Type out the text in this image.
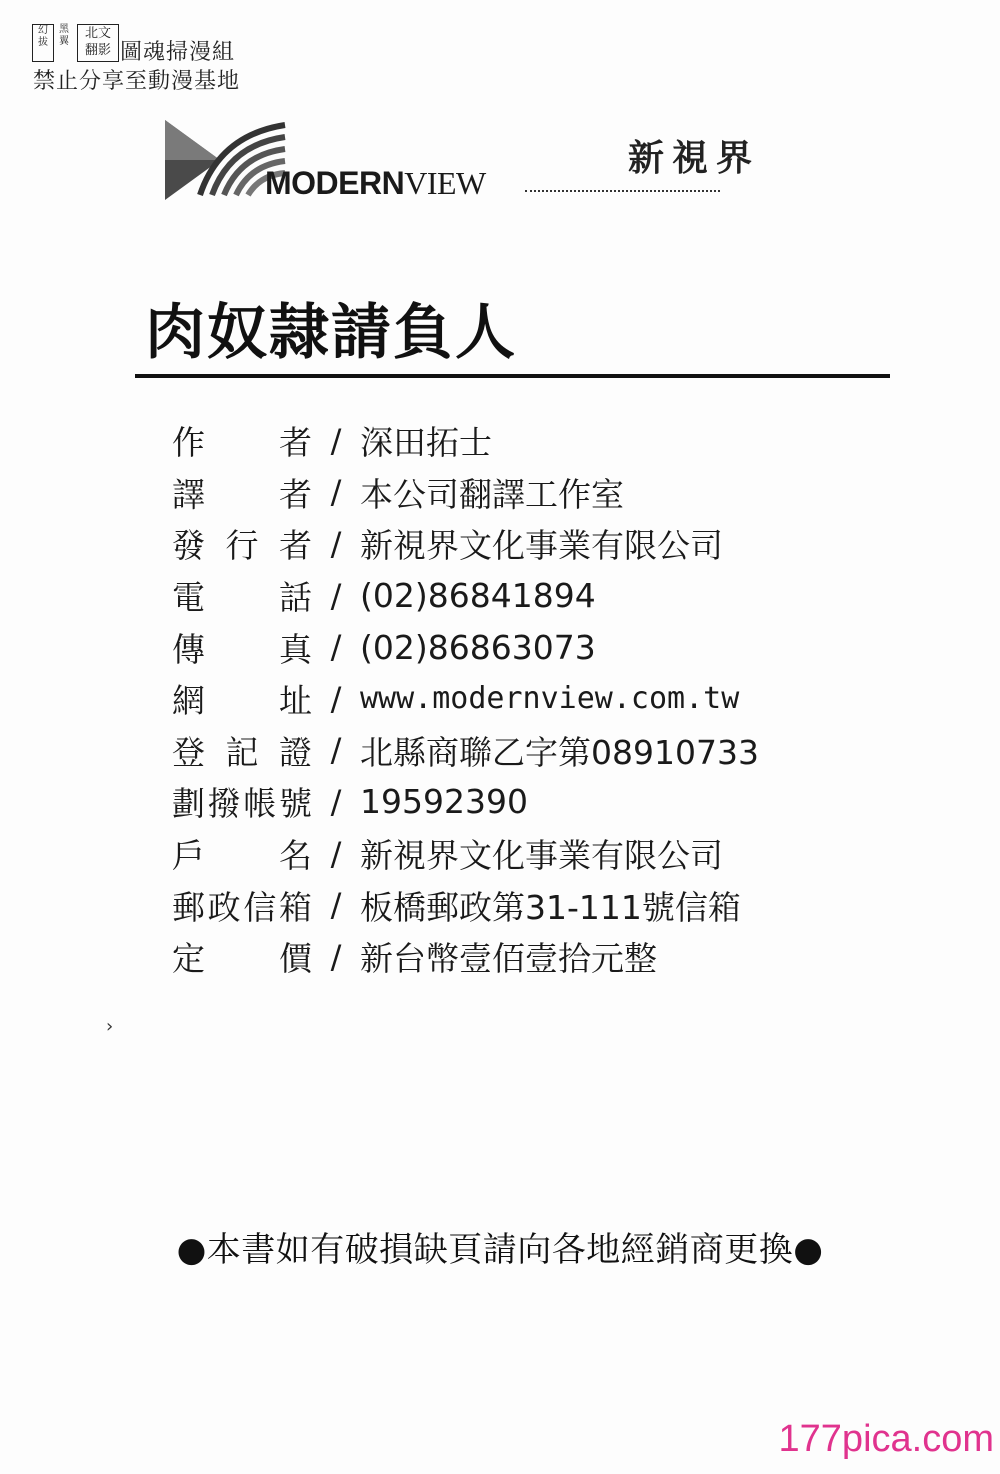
幻
拔
黑
翼
北文
翻影 圖魂掃漫組
禁止分享至動漫基地
MODERNVIEW
新視界
肉奴隷請負人
作 者 / 深田拓士
譯 者 / 本公司翻譯工作室
發 行 者 / 新視界文化事業有限公司
電 話 / (02)86841894
傳 真 / (02)86863073
網 址 / www.modernview.com.tw
登 記 證 / 北縣商聯乙字第08910733
劃 撥 帳 號 / 19592390
戶 名 / 新視界文化事業有限公司
郵 政 信 箱 / 板橋郵政第31-111號信箱
定 價 / 新台幣壹佰壹拾元整
›
●本書如有破損缺頁請向各地經銷商更換●
177pica.com
